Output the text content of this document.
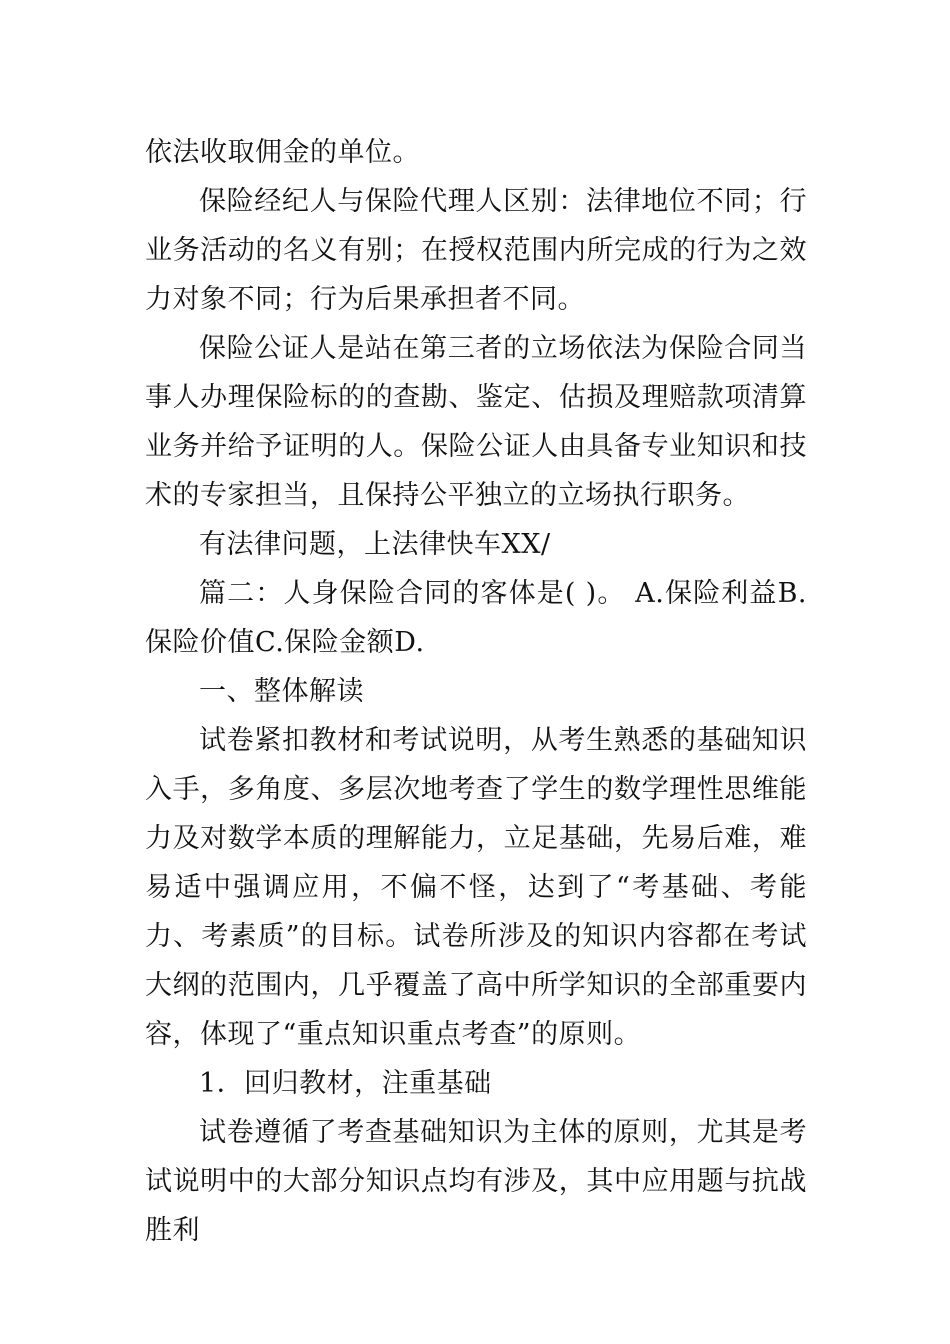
依法收取佣金的单位。

保险经纪人与保险代理人区别：法律地位不同；行业务活动的名义有别；在授权范围内所完成的行为之效力对象不同；行为后果承担者不同。

保险公证人是站在第三者的立场依法为保险合同当事人办理保险标的的查勘、鉴定、估损及理赔款项清算业务并给予证明的人。保险公证人由具备专业知识和技术的专家担当，且保持公平独立的立场执行职务。

有法律问题，上法律快车XX/

篇二：人身保险合同的客体是( )。 A.保险利益B.保险价值C.保险金额D.

一、整体解读

试卷紧扣教材和考试说明，从考生熟悉的基础知识入手，多角度、多层次地考查了学生的数学理性思维能力及对数学本质的理解能力，立足基础，先易后难，难易适中强调应用，不偏不怪，达到了“考基础、考能力、考素质”的目标。试卷所涉及的知识内容都在考试大纲的范围内，几乎覆盖了高中所学知识的全部重要内容，体现了“重点知识重点考查”的原则。

1．回归教材，注重基础

试卷遵循了考查基础知识为主体的原则，尤其是考试说明中的大部分知识点均有涉及，其中应用题与抗战胜利
